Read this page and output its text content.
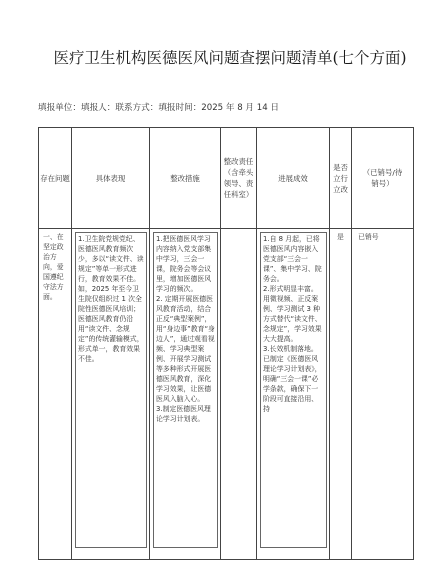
医疗卫生机构医德医风问题查摆问题清单(七个方面)
填报单位：填报人：联系方式：填报时间：2025 年 8 月 14 日
存在问题	具体表现	整改措施	整改责任（含牵头领导、责任科室）	进展成效	是否立行立改	（已销号/待销号）

一、在坚定政治方向，爱国遵纪守法方面。	1.卫生院党规党纪、医德医风教育频次少，多以“读文件、读规定”等单一形式进行，教育效果不佳。
如，2025 年至今卫生院仅组织过 1 次全院性医德医风培训；医德医风教育仍沿用“读文件、念规定”的传统灌输模式，形式单一，教育效果不佳。	1.把医德医风学习内容纳入党支部集中学习，三会一课，院务会等会议里，增加医德医风学习的频次。
2. 定期开展医德医风教育活动，结合正反“典型案例”，用“身边事”教育“身边人”，通过观看视频、学习典型案例、开展学习测试等多种形式开展医德医风教育，深化学习效果，让医德医风入脑入心。
3.制定医德医风理论学习计划表。		1.自 8 月起，已将医德医风内容嵌入党支部“三会一课”、集中学习、院务会。
2.形式明显丰富。用微视频、正反案例、学习测试 3 种方式替代“读文件、念规定”，学习效果大大提高。
3.长效机制落地。已制定《医德医风理论学习计划表》，明确“三会一课”必学条款，确保下一阶段可直接沿用、持	是	已销号
